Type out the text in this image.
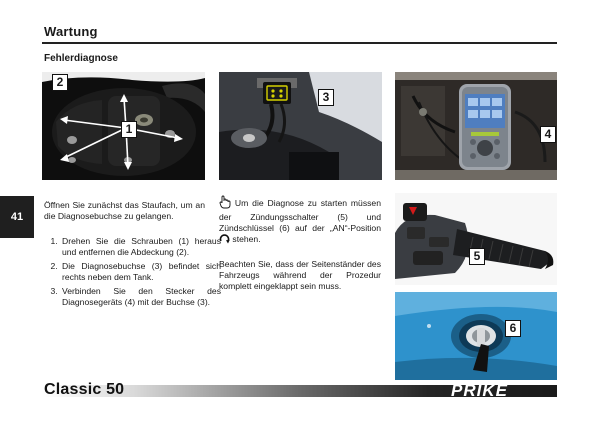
Wartung
Fehlerdiagnose
2
1
3
4
5
6
41

Öffnen Sie zunächst das Staufach, um an die Diagnosebuchse zu gelangen.

1. Drehen Sie die Schrauben (1) heraus und entfernen die Abdeckung (2).
2. Die Diagnosebuchse (3) befindet sich rechts neben dem Tank.
3. Verbinden Sie den Stecker des Diagnosegeräts (4) mit der Buchse (3).

Um die Diagnose zu starten müssen der Zündungsschalter (5) und Zündschlüssel (6) auf der „AN“-Position  stehen.

Beachten Sie, dass der Seitenständer des Fahrzeugs während der Prozedur komplett eingeklappt sein muss.

Classic 50	PRIKE
